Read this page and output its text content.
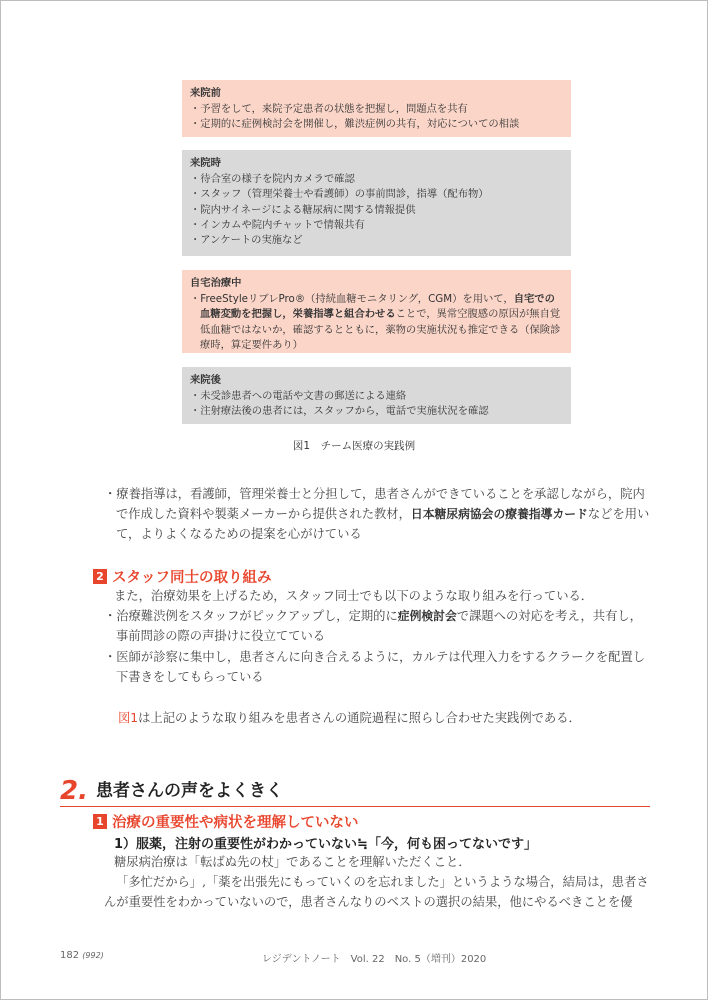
来院前
・予習をして，来院予定患者の状態を把握し，問題点を共有
・定期的に症例検討会を開催し，難渋症例の共有，対応についての相談
来院時
・待合室の様子を院内カメラで確認
・スタッフ（管理栄養士や看護師）の事前問診，指導（配布物）
・院内サイネージによる糖尿病に関する情報提供
・インカムや院内チャットで情報共有
・アンケートの実施など
自宅治療中
・FreeStyleリブレPro®（持続血糖モニタリング，CGM）を用いて，自宅での血糖変動を把握し，栄養指導と組合わせることで，異常空腹感の原因が無自覚低血糖ではないか，確認するとともに，薬物の実施状況も推定できる（保険診療時，算定要件あり）
来院後
・未受診患者への電話や文書の郵送による連絡
・注射療法後の患者には，スタッフから，電話で実施状況を確認
図1　チーム医療の実践例
・療養指導は，看護師，管理栄養士と分担して，患者さんができていることを承認しながら，院内で作成した資料や製薬メーカーから提供された教材，日本糖尿病協会の療養指導カードなどを用いて，よりよくなるための提案を心がけている
2 スタッフ同士の取り組み
また，治療効果を上げるため，スタッフ同士でも以下のような取り組みを行っている．
・治療難渋例をスタッフがピックアップし，定期的に症例検討会で課題への対応を考え，共有し，事前問診の際の声掛けに役立てている
・医師が診察に集中し，患者さんに向き合えるように，カルテは代理入力をするクラークを配置し下書きをしてもらっている
図1は上記のような取り組みを患者さんの通院過程に照らし合わせた実践例である．
2. 患者さんの声をよくきく
1 治療の重要性や病状を理解していない
1）服薬，注射の重要性がわかっていない≒「今，何も困ってないです」
糖尿病治療は「転ばぬ先の杖」であることを理解いただくこと．
「多忙だから」,「薬を出張先にもっていくのを忘れました」というような場合，結局は，患者さんが重要性をわかっていないので，患者さんなりのベストの選択の結果，他にやるべきことを優
182 (992)	レジデントノート　Vol. 22　No. 5（増刊）2020
